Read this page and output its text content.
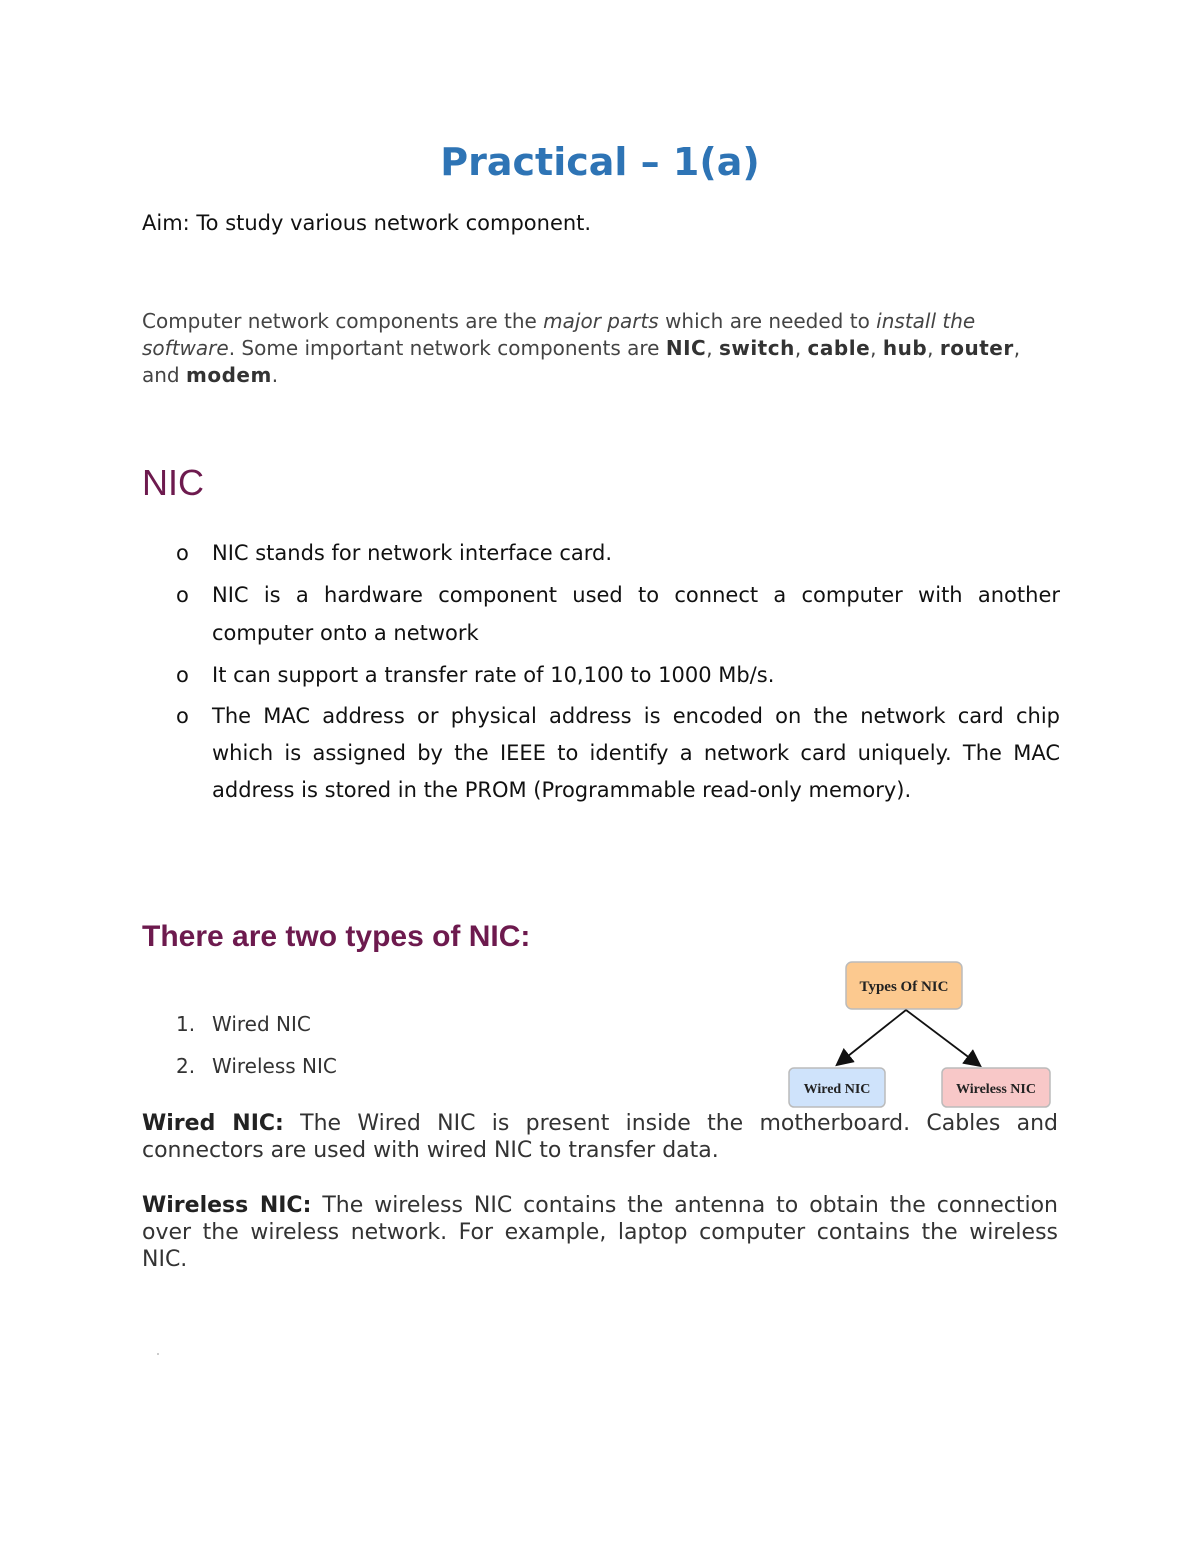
Practical – 1(a)
Aim: To study various network component.

Computer network components are the major parts which are needed to install the software. Some important network components are NIC, switch, cable, hub, router, and modem.

NIC
o NIC stands for network interface card.
o NIC is a hardware component used to connect a computer with another computer onto a network
o It can support a transfer rate of 10,100 to 1000 Mb/s.
o The MAC address or physical address is encoded on the network card chip which is assigned by the IEEE to identify a network card uniquely. The MAC address is stored in the PROM (Programmable read-only memory).
There are two types of NIC:
1. Wired NIC
2. Wireless NIC
Types Of NIC
Wired NIC	Wireless NIC

Wired NIC: The Wired NIC is present inside the motherboard. Cables and connectors are used with wired NIC to transfer data.

Wireless NIC: The wireless NIC contains the antenna to obtain the connection over the wireless network. For example, laptop computer contains the wireless NIC.
